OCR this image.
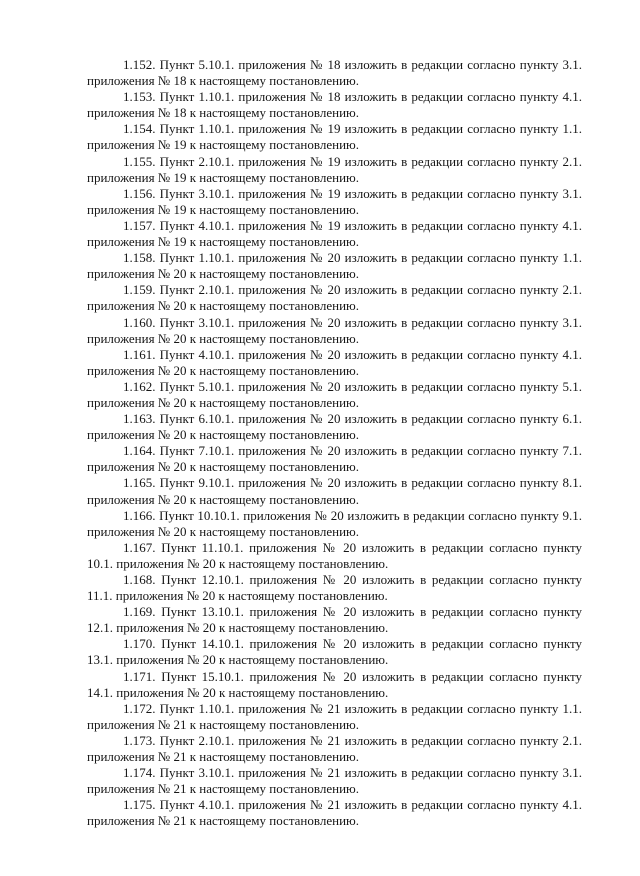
1.152. Пункт 5.10.1. приложения № 18 изложить в редакции согласно пункту 3.1. приложения № 18 к настоящему постановлению.

1.153. Пункт 1.10.1. приложения № 18 изложить в редакции согласно пункту 4.1. приложения № 18 к настоящему постановлению.

1.154. Пункт 1.10.1. приложения № 19 изложить в редакции согласно пункту 1.1. приложения № 19 к настоящему постановлению.

1.155. Пункт 2.10.1. приложения № 19 изложить в редакции согласно пункту 2.1. приложения № 19 к настоящему постановлению.

1.156. Пункт 3.10.1. приложения № 19 изложить в редакции согласно пункту 3.1. приложения № 19 к настоящему постановлению.

1.157. Пункт 4.10.1. приложения № 19 изложить в редакции согласно пункту 4.1. приложения № 19 к настоящему постановлению.

1.158. Пункт 1.10.1. приложения № 20 изложить в редакции согласно пункту 1.1. приложения № 20 к настоящему постановлению.

1.159. Пункт 2.10.1. приложения № 20 изложить в редакции согласно пункту 2.1. приложения № 20 к настоящему постановлению.

1.160. Пункт 3.10.1. приложения № 20 изложить в редакции согласно пункту 3.1. приложения № 20 к настоящему постановлению.

1.161. Пункт 4.10.1. приложения № 20 изложить в редакции согласно пункту 4.1. приложения № 20 к настоящему постановлению.

1.162. Пункт 5.10.1. приложения № 20 изложить в редакции согласно пункту 5.1. приложения № 20 к настоящему постановлению.

1.163. Пункт 6.10.1. приложения № 20 изложить в редакции согласно пункту 6.1. приложения № 20 к настоящему постановлению.

1.164. Пункт 7.10.1. приложения № 20 изложить в редакции согласно пункту 7.1. приложения № 20 к настоящему постановлению.

1.165. Пункт 9.10.1. приложения № 20 изложить в редакции согласно пункту 8.1. приложения № 20 к настоящему постановлению.

1.166. Пункт 10.10.1. приложения № 20 изложить в редакции согласно пункту 9.1. приложения № 20 к настоящему постановлению.

1.167. Пункт 11.10.1. приложения № 20 изложить в редакции согласно пункту 10.1. приложения № 20 к настоящему постановлению.

1.168. Пункт 12.10.1. приложения № 20 изложить в редакции согласно пункту 11.1. приложения № 20 к настоящему постановлению.

1.169. Пункт 13.10.1. приложения № 20 изложить в редакции согласно пункту 12.1. приложения № 20 к настоящему постановлению.

1.170. Пункт 14.10.1. приложения № 20 изложить в редакции согласно пункту 13.1. приложения № 20 к настоящему постановлению.

1.171. Пункт 15.10.1. приложения № 20 изложить в редакции согласно пункту 14.1. приложения № 20 к настоящему постановлению.

1.172. Пункт 1.10.1. приложения № 21 изложить в редакции согласно пункту 1.1. приложения № 21 к настоящему постановлению.

1.173. Пункт 2.10.1. приложения № 21 изложить в редакции согласно пункту 2.1. приложения № 21 к настоящему постановлению.

1.174. Пункт 3.10.1. приложения № 21 изложить в редакции согласно пункту 3.1. приложения № 21 к настоящему постановлению.

1.175. Пункт 4.10.1. приложения № 21 изложить в редакции согласно пункту 4.1. приложения № 21 к настоящему постановлению.
